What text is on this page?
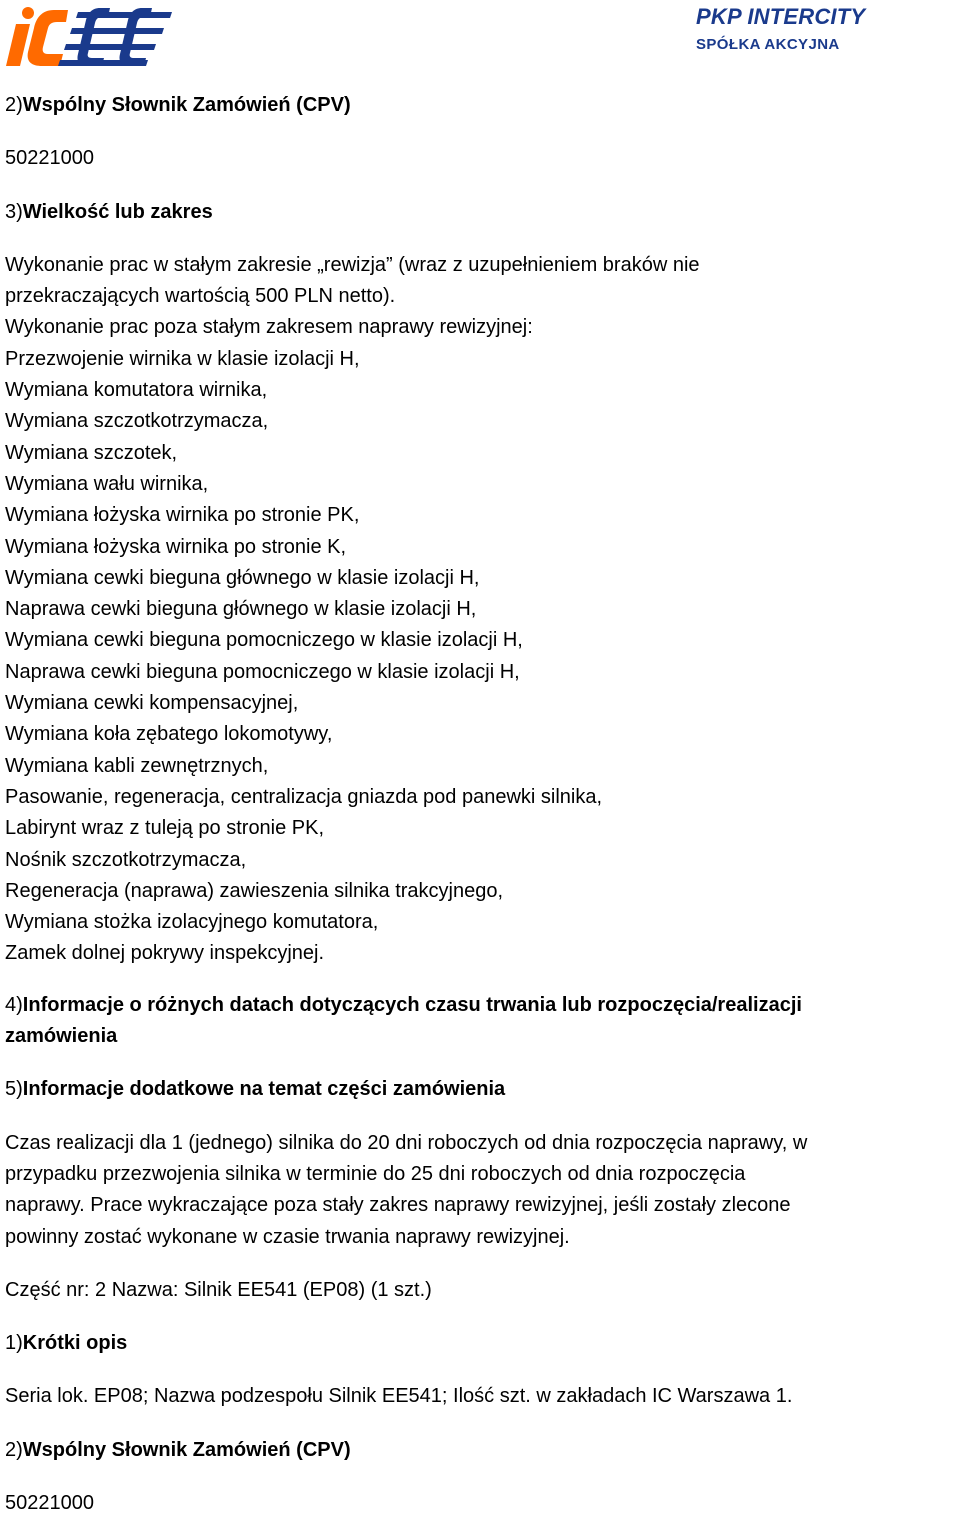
PKP INTERCITY
SPÓŁKA AKCYJNA

2)Wspólny Słownik Zamówień (CPV)

50221000

3)Wielkość lub zakres

Wykonanie prac w stałym zakresie „rewizja” (wraz z uzupełnieniem braków nie

przekraczających wartością 500 PLN netto).

Wykonanie prac poza stałym zakresem naprawy rewizyjnej:

Przezwojenie wirnika w klasie izolacji H,

Wymiana komutatora wirnika,

Wymiana szczotkotrzymacza,

Wymiana szczotek,

Wymiana wału wirnika,

Wymiana łożyska wirnika po stronie PK,

Wymiana łożyska wirnika po stronie K,

Wymiana cewki bieguna głównego w klasie izolacji H,

Naprawa cewki bieguna głównego w klasie izolacji H,

Wymiana cewki bieguna pomocniczego w klasie izolacji H,

Naprawa cewki bieguna pomocniczego w klasie izolacji H,

Wymiana cewki kompensacyjnej,

Wymiana koła zębatego lokomotywy,

Wymiana kabli zewnętrznych,

Pasowanie, regeneracja, centralizacja gniazda pod panewki silnika,

Labirynt wraz z tuleją po stronie PK,

Nośnik szczotkotrzymacza,

Regeneracja (naprawa) zawieszenia silnika trakcyjnego,

Wymiana stożka izolacyjnego komutatora,

Zamek dolnej pokrywy inspekcyjnej.

4)Informacje o różnych datach dotyczących czasu trwania lub rozpoczęcia/realizacji

zamówienia

5)Informacje dodatkowe na temat części zamówienia

Czas realizacji dla 1 (jednego) silnika do 20 dni roboczych od dnia rozpoczęcia naprawy, w

przypadku przezwojenia silnika w terminie do 25 dni roboczych od dnia rozpoczęcia

naprawy. Prace wykraczające poza stały zakres naprawy rewizyjnej, jeśli zostały zlecone

powinny zostać wykonane w czasie trwania naprawy rewizyjnej.

Część nr: 2 Nazwa: Silnik EE541 (EP08) (1 szt.)

1)Krótki opis

Seria lok. EP08; Nazwa podzespołu Silnik EE541; Ilość szt. w zakładach IC Warszawa 1.

2)Wspólny Słownik Zamówień (CPV)

50221000
